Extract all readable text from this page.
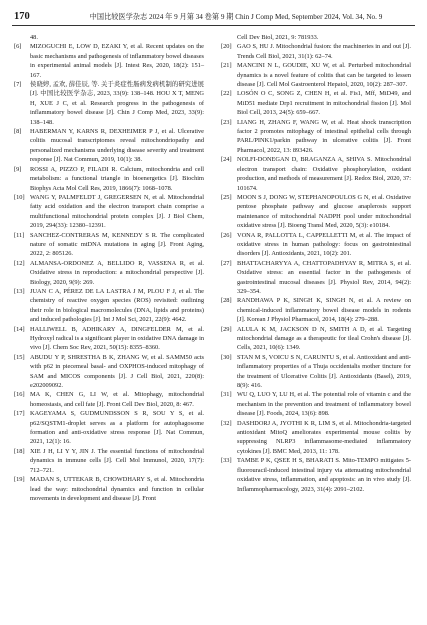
170	中国比较医学杂志 2024 年 9 月第 34 卷第 9 期 Chin J Comp Med, September 2024, Vol. 34, No. 9

48.

[6] MIZOGUCHI E, LOW D, EZAKI Y, et al. Recent updates on the basic mechanisms and pathogenesis of inflammatory bowel diseases in experimental animal models [J]. Intest Res, 2020, 18(2): 151–167.

[7] 侯晓婷, 孟欢, 薛佳辰, 等. 关于炎症性肠病发病机制的研究进展 [J]. 中国比较医学杂志, 2023, 33(9): 138–148. HOU X T, MENG H, XUE J C, et al. Research progress in the pathogenesis of inflammatory bowel disease [J]. Chin J Comp Med, 2023, 33(9): 138–148.

[8] HABERMAN Y, KARNS R, DEXHEIMER P J, et al. Ulcerative colitis mucosal transcriptomes reveal mitochondriopathy and personalized mechanisms underlying disease severity and treatment response [J]. Nat Commun, 2019, 10(1): 38.

[9] ROSSI A, PIZZO P, FILADI R. Calcium, mitochondria and cell metabolism: a functional triangle in bioenergetics [J]. Biochim Biophys Acta Mol Cell Res, 2019, 1866(7): 1068–1078.

[10] WANG Y, PALMFELDT J, GREGERSEN N, et al. Mitochondrial fatty acid oxidation and the electron transport chain comprise a multifunctional mitochondrial protein complex [J]. J Biol Chem, 2019, 294(33): 12380–12391.

[11] SANCHEZ-CONTRERAS M, KENNEDY S R. The complicated nature of somatic mtDNA mutations in aging [J]. Front Aging, 2022, 2: 805126.

[12] ALMANSA-ORDONEZ A, BELLIDO R, VASSENA R, et al. Oxidative stress in reproduction: a mitochondrial perspective [J]. Biology, 2020, 9(9): 269.

[13] JUAN C A, PÉREZ DE LA LASTRA J M, PLOU F J, et al. The chemistry of reactive oxygen species (ROS) revisited: outlining their role in biological macromolecules (DNA, lipids and proteins) and induced pathologies [J]. Int J Mol Sci, 2021, 22(9): 4642.

[14] HALLIWELL B, ADHIKARY A, DINGFELDER M, et al. Hydroxyl radical is a significant player in oxidative DNA damage in vivo [J]. Chem Soc Rev, 2021, 50(15): 8355–8360.

[15] ABUDU Y P, SHRESTHA B K, ZHANG W, et al. SAMM50 acts with p62 in piecemeal basal- and OXPHOS-induced mitophagy of SAM and MICOS components [J]. J Cell Biol, 2021, 220(8): e202009092.

[16] MA K, CHEN G, LI W, et al. Mitophagy, mitochondrial homeostasis, and cell fate [J]. Front Cell Dev Biol, 2020, 8: 467.

[17] KAGEYAMA S, GUDMUNDSSON S R, SOU Y S, et al. p62/SQSTM1-droplet serves as a platform for autophagosome formation and anti-oxidative stress response [J]. Nat Commun, 2021, 12(1): 16.

[18] XIE J H, LI Y Y, JIN J. The essential functions of mitochondrial dynamics in immune cells [J]. Cell Mol Immunol, 2020, 17(7): 712–721.

[19] MADAN S, UTTEKAR B, CHOWDHARY S, et al. Mitochondria lead the way: mitochondrial dynamics and function in cellular movements in development and disease [J]. Front

Cell Dev Biol, 2021, 9: 781933.

[20] GAO S, HU J. Mitochondrial fusion: the machineries in and out [J]. Trends Cell Biol, 2021, 31(1): 62–74.

[21] MANCINI N L, GOUDIE, XU W, et al. Perturbed mitochondrial dynamics is a novel feature of colitis that can be targeted to lessen disease [J]. Cell Mol Gastroenterol Hepatol, 2020, 10(2): 287–307.

[22] LOSÓN O C, SONG Z, CHEN H, et al. Fis1, Mff, MiD49, and MiD51 mediate Drp1 recruitment in mitochondrial fission [J]. Mol Biol Cell, 2013, 24(5): 659–667.

[23] LIANG H, ZHANG F, WANG W, et al. Heat shock transcription factor 2 promotes mitophagy of intestinal epithelial cells through PARL/PINK1/parkin pathway in ulcerative colitis [J]. Front Pharmacol, 2022, 13: 893426.

[24] NOLFI-DONEGAN D, BRAGANZA A, SHIVA S. Mitochondrial electron transport chain: Oxidative phosphorylation, oxidant production, and methods of measurement [J]. Redox Biol, 2020, 37: 101674.

[25] MOON S J, DONG W, STEPHANOPOULOS G N, et al. Oxidative pentose phosphate pathway and glucose anaplerosis support maintenance of mitochondrial NADPH pool under mitochondrial oxidative stress [J]. Bioeng Transl Med, 2020, 5(3): e10184.

[26] VONA R, PALLOTTA L, CAPPELLETTI M, et al. The impact of oxidative stress in human pathology: focus on gastrointestinal disorders [J]. Antioxidants, 2021, 10(2): 201.

[27] BHATTACHARYYA A, CHATTOPADHYAY R, MITRA S, et al. Oxidative stress: an essential factor in the pathogenesis of gastrointestinal mucosal diseases [J]. Physiol Rev, 2014, 94(2): 329–354.

[28] RANDHAWA P K, SINGH K, SINGH N, et al. A review on chemical-induced inflammatory bowel disease models in rodents [J]. Korean J Physiol Pharmacol, 2014, 18(4): 279–288.

[29] ALULA K M, JACKSON D N, SMITH A D, et al. Targeting mitochondrial damage as a therapeutic for ileal Crohn's disease [J]. Cells, 2021, 10(6): 1349.

[30] STAN M S, VOICU S N, CARUNTU S, et al. Antioxidant and anti-inflammatory properties of a Thuja occidentalis mother tincture for the treatment of Ulcerative Colitis [J]. Antioxidants (Basel), 2019, 8(9): 416.

[31] WU Q, LUO Y, LU H, et al. The potential role of vitamin c and the mechanism in the prevention and treatment of inflammatory bowel disease [J]. Foods, 2024, 13(6): 898.

[32] DASHDORJ A, JYOTHI K R, LIM S, et al. Mitochondria-targeted antioxidant MitoQ ameliorates experimental mouse colitis by suppressing NLRP3 inflammasome-mediated inflammatory cytokines [J]. BMC Med, 2013, 11: 178.

[33] TAMBE P K, QSEE H S, BHARATI S. Mito-TEMPO mitigates 5-fluorouracil-induced intestinal injury via attenuating mitochondrial oxidative stress, inflammation, and apoptosis: an in vivo study [J]. Inflammopharmacology, 2023, 31(4): 2091–2102.
